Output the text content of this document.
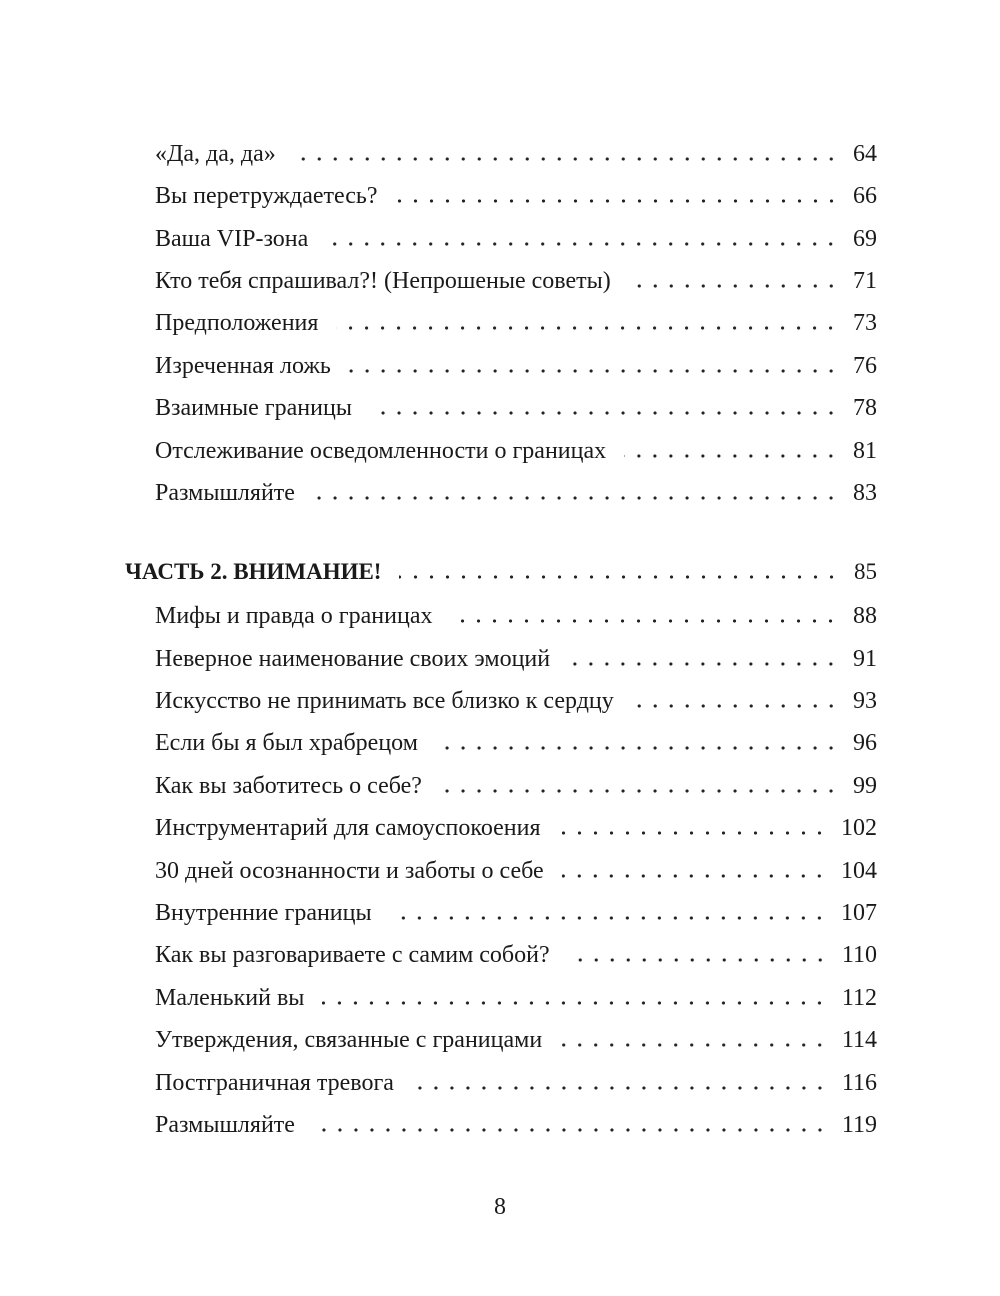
«Да, да, да»	64
Вы перетруждаетесь?	66
Ваша VIP-зона	69
Кто тебя спрашивал?! (Непрошеные советы)	71
Предположения	73
Изреченная ложь	76
Взаимные границы	78
Отслеживание осведомленности о границах	81
Размышляйте	83
ЧАСТЬ 2. ВНИМАНИЕ!	85
Мифы и правда о границах	88
Неверное наименование своих эмоций	91
Искусство не принимать все близко к сердцу	93
Если бы я был храбрецом	96
Как вы заботитесь о себе?	99
Инструментарий для самоуспокоения	102
30 дней осознанности и заботы о себе	104
Внутренние границы	107
Как вы разговариваете с самим собой?	110
Маленький вы	112
Утверждения, связанные с границами	114
Постграничная тревога	116
Размышляйте	119
8
